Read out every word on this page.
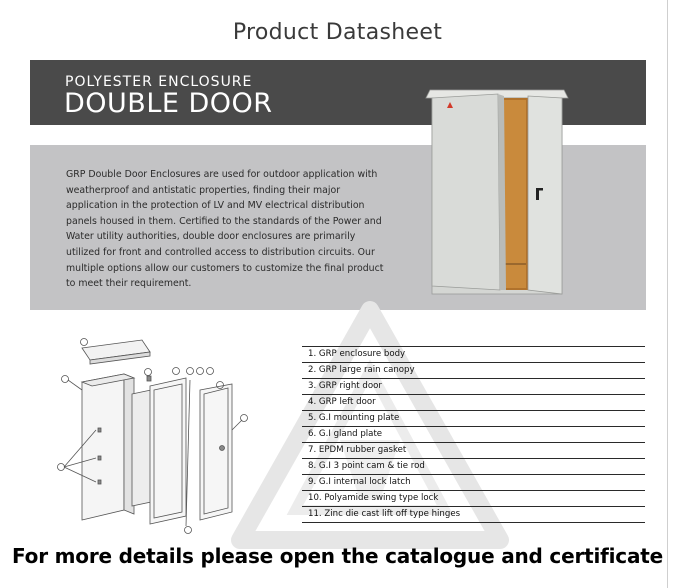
Product Datasheet
POLYESTER ENCLOSURE
DOUBLE DOOR
GRP Double Door Enclosures are used for outdoor application with weatherproof and antistatic properties, finding their major application in the protection of LV and MV electrical distribution panels housed in them. Certified to the standards of the Power and Water utility authorities, double door enclosures are primarily utilized for front and controlled access to distribution circuits. Our multiple options allow our customers to customize the final product to meet their requirement.
1. GRP enclosure body
2. GRP large rain canopy
3. GRP right door
4. GRP left door
5. G.I mounting plate
6. G.I gland plate
7. EPDM rubber gasket
8. G.I 3 point cam & tie rod
9. G.I internal lock latch
10. Polyamide swing type lock
11. Zinc die cast lift off type hinges
For more details please open the catalogue and certificate
